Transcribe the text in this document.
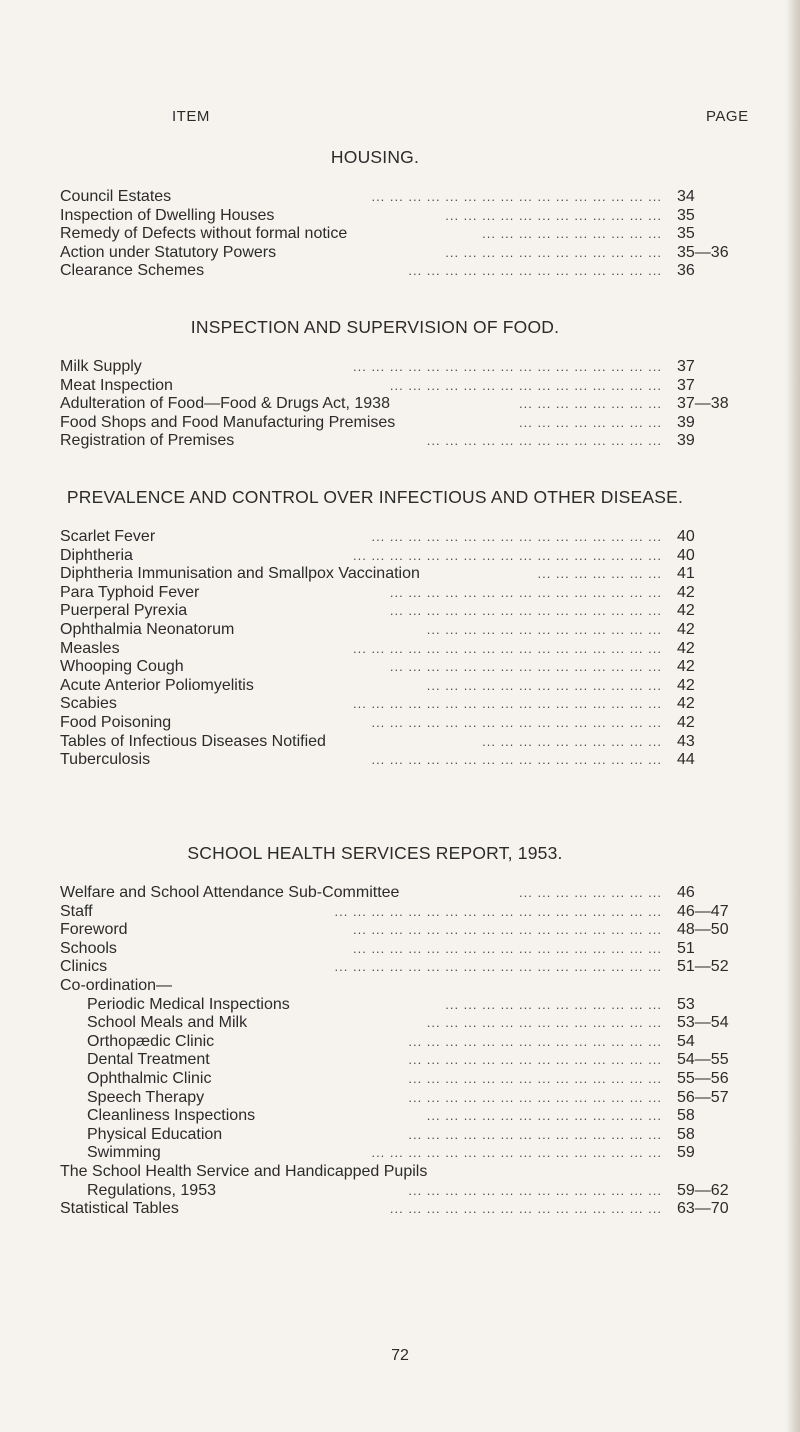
ITEM	PAGE
HOUSING.
Council Estates	... ... ... ... ... ... ... ... ... ... ... ... ... ... ... ... 34
Inspection of Dwelling Houses	... ... ... ... ... ... ... ... ... ... ... ... 35
Remedy of Defects without formal notice	... ... ... ... ... ... ... ... ... ... 35
Action under Statutory Powers	... ... ... ... ... ... ... ... ... ... ... ... 35—36
Clearance Schemes	... ... ... ... ... ... ... ... ... ... ... ... ... ... 36
INSPECTION AND SUPERVISION OF FOOD.
Milk Supply	... ... ... ... ... ... ... ... ... ... ... ... ... ... ... ... ... 37
Meat Inspection	... ... ... ... ... ... ... ... ... ... ... ... ... ... ... 37
Adulteration of Food—Food & Drugs Act, 1938	... ... ... ... ... ... ... ... 37—38
Food Shops and Food Manufacturing Premises	... ... ... ... ... ... ... ... 39
Registration of Premises	... ... ... ... ... ... ... ... ... ... ... ... ... 39
PREVALENCE AND CONTROL OVER INFECTIOUS AND OTHER DISEASE.
Scarlet Fever	... ... ... ... ... ... ... ... ... ... ... ... ... ... ... ... 40
Diphtheria	... ... ... ... ... ... ... ... ... ... ... ... ... ... ... ... ... 40
Diphtheria Immunisation and Smallpox Vaccination	... ... ... ... ... ... ... 41
Para Typhoid Fever	... ... ... ... ... ... ... ... ... ... ... ... ... ... ... 42
Puerperal Pyrexia	... ... ... ... ... ... ... ... ... ... ... ... ... ... ... 42
Ophthalmia Neonatorum	... ... ... ... ... ... ... ... ... ... ... ... ... 42
Measles	... ... ... ... ... ... ... ... ... ... ... ... ... ... ... ... ... 42
Whooping Cough	... ... ... ... ... ... ... ... ... ... ... ... ... ... ... 42
Acute Anterior Poliomyelitis	... ... ... ... ... ... ... ... ... ... ... ... ... 42
Scabies	... ... ... ... ... ... ... ... ... ... ... ... ... ... ... ... ... 42
Food Poisoning	... ... ... ... ... ... ... ... ... ... ... ... ... ... ... ... 42
Tables of Infectious Diseases Notified	... ... ... ... ... ... ... ... ... ... 43
Tuberculosis	... ... ... ... ... ... ... ... ... ... ... ... ... ... ... ... 44
SCHOOL HEALTH SERVICES REPORT, 1953.
Welfare and School Attendance Sub-Committee	... ... ... ... ... ... ... ... 46
Staff	... ... ... ... ... ... ... ... ... ... ... ... ... ... ... ... ... ... 46—47
Foreword	... ... ... ... ... ... ... ... ... ... ... ... ... ... ... ... ... 48—50
Schools	... ... ... ... ... ... ... ... ... ... ... ... ... ... ... ... ... 51
Clinics	... ... ... ... ... ... ... ... ... ... ... ... ... ... ... ... ... ... 51—52
Co-ordination—
Periodic Medical Inspections	... ... ... ... ... ... ... ... ... ... ... ... 53
School Meals and Milk	... ... ... ... ... ... ... ... ... ... ... ... ... 53—54
Orthopædic Clinic	... ... ... ... ... ... ... ... ... ... ... ... ... ... 54
Dental Treatment	... ... ... ... ... ... ... ... ... ... ... ... ... ... 54—55
Ophthalmic Clinic	... ... ... ... ... ... ... ... ... ... ... ... ... ... 55—56
Speech Therapy	... ... ... ... ... ... ... ... ... ... ... ... ... ... 56—57
Cleanliness Inspections	... ... ... ... ... ... ... ... ... ... ... ... ... 58
Physical Education	... ... ... ... ... ... ... ... ... ... ... ... ... ... 58
Swimming	... ... ... ... ... ... ... ... ... ... ... ... ... ... ... ... 59
The School Health Service and Handicapped Pupils
Regulations, 1953	... ... ... ... ... ... ... ... ... ... ... ... ... ... 59—62
Statistical Tables	... ... ... ... ... ... ... ... ... ... ... ... ... ... ... 63—70
72
